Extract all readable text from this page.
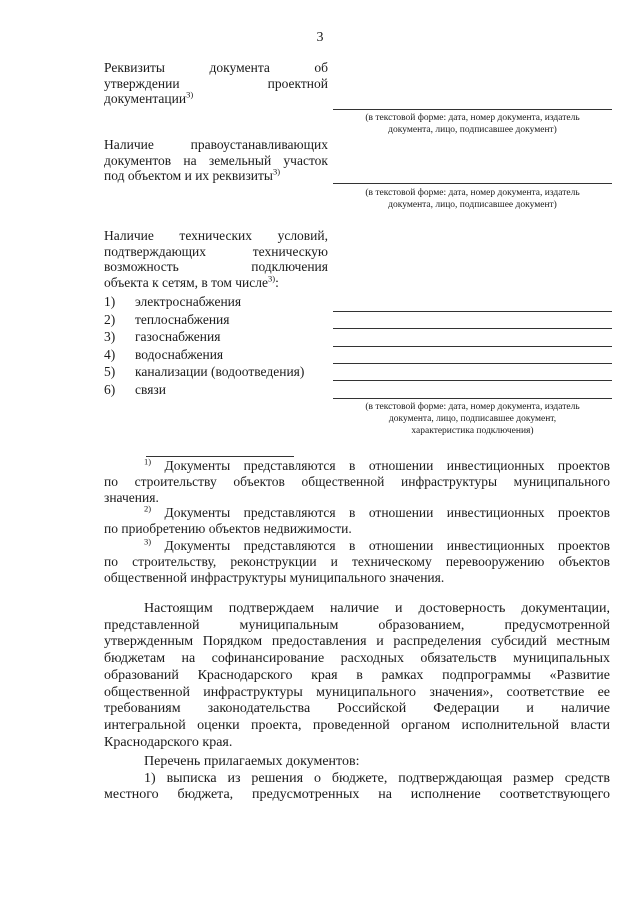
3
Реквизиты документа об
утверждении проектной
документации$^{3)}$
(в текстовой форме: дата, номер документа, издатель
документа, лицо, подписавшее документ)
Наличие правоустанавливающих
документов на земельный участок
под объектом и их реквизиты$^{3)}$
(в текстовой форме: дата, номер документа, издатель
документа, лицо, подписавшее документ)
Наличие технических условий,
подтверждающих техническую
возможность подключения
объекта к сетям, в том числе$^{3)}$:
1) электроснабжения
2) теплоснабжения
3) газоснабжения
4) водоснабжения
5) канализации (водоотведения)
6) связи
(в текстовой форме: дата, номер документа, издатель
документа, лицо, подписавшее документ,
характеристика подключения)
$^{1)}$ Документы представляются в отношении инвестиционных проектов
по строительству объектов общественной инфраструктуры муниципального
значения.
$^{2)}$ Документы представляются в отношении инвестиционных проектов
по приобретению объектов недвижимости.
$^{3)}$ Документы представляются в отношении инвестиционных проектов
по строительству, реконструкции и техническому перевооружению объектов
общественной инфраструктуры муниципального значения.
Настоящим подтверждаем наличие и достоверность документации,
представленной муниципальным образованием, предусмотренной
утвержденным Порядком предоставления и распределения субсидий местным
бюджетам на софинансирование расходных обязательств муниципальных
образований Краснодарского края в рамках подпрограммы «Развитие
общественной инфраструктуры муниципального значения», соответствие ее
требованиям законодательства Российской Федерации и наличие
интегральной оценки проекта, проведенной органом исполнительной власти
Краснодарского края.
Перечень прилагаемых документов:
1) выписка из решения о бюджете, подтверждающая размер средств
местного бюджета, предусмотренных на исполнение соответствующего
